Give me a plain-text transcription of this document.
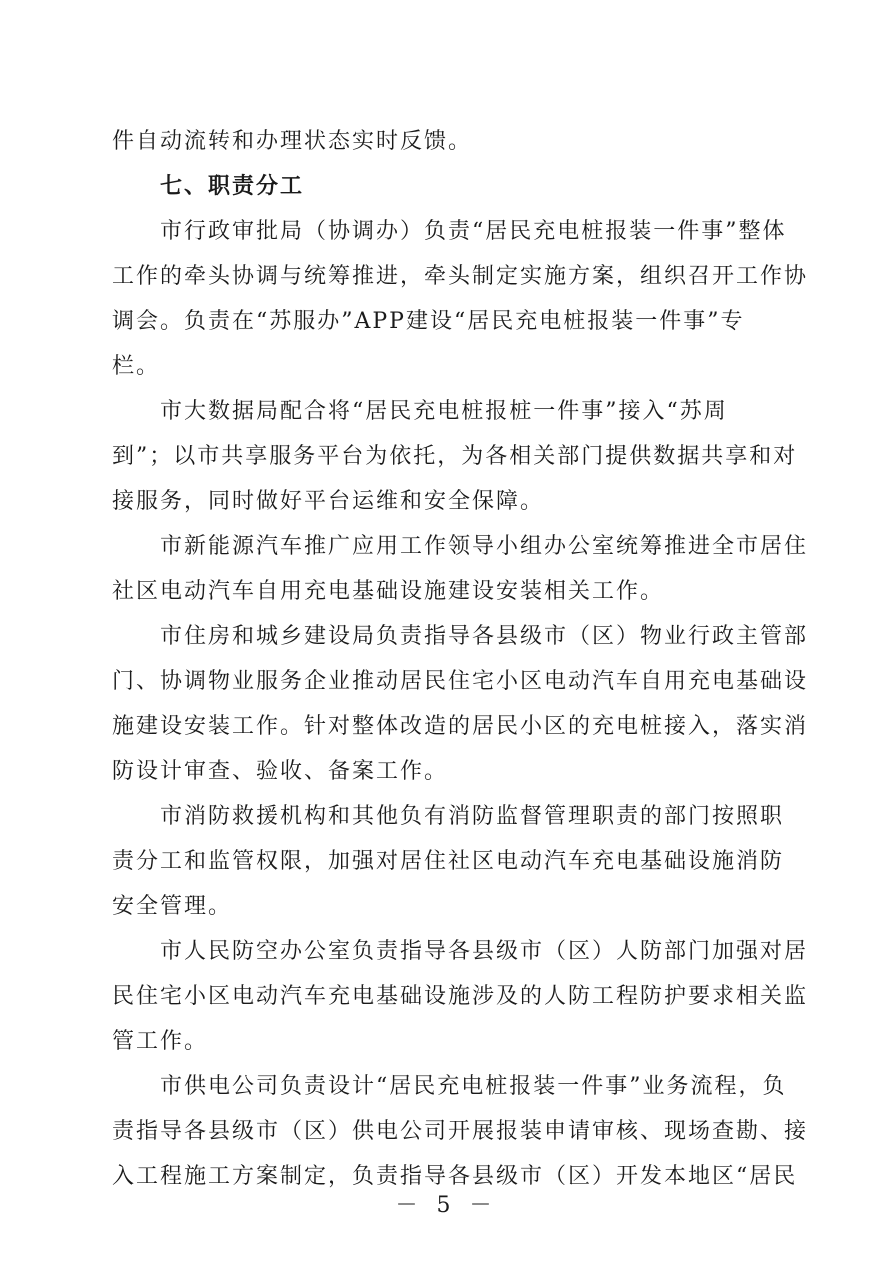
件自动流转和办理状态实时反馈。
七、职责分工
市行政审批局（协调办）负责“居民充电桩报装一件事”整体
工作的牵头协调与统筹推进，牵头制定实施方案，组织召开工作协
调会。负责在“苏服办”APP建设“居民充电桩报装一件事”专
栏。
市大数据局配合将“居民充电桩报桩一件事”接入“苏周
到”；以市共享服务平台为依托，为各相关部门提供数据共享和对
接服务，同时做好平台运维和安全保障。
市新能源汽车推广应用工作领导小组办公室统筹推进全市居住
社区电动汽车自用充电基础设施建设安装相关工作。
市住房和城乡建设局负责指导各县级市（区）物业行政主管部
门、协调物业服务企业推动居民住宅小区电动汽车自用充电基础设
施建设安装工作。针对整体改造的居民小区的充电桩接入，落实消
防设计审查、验收、备案工作。
市消防救援机构和其他负有消防监督管理职责的部门按照职
责分工和监管权限，加强对居住社区电动汽车充电基础设施消防
安全管理。
市人民防空办公室负责指导各县级市（区）人防部门加强对居
民住宅小区电动汽车充电基础设施涉及的人防工程防护要求相关监
管工作。
市供电公司负责设计“居民充电桩报装一件事”业务流程，负
责指导各县级市（区）供电公司开展报装申请审核、现场查勘、接
入工程施工方案制定，负责指导各县级市（区）开发本地区“居民
－ 5 －
